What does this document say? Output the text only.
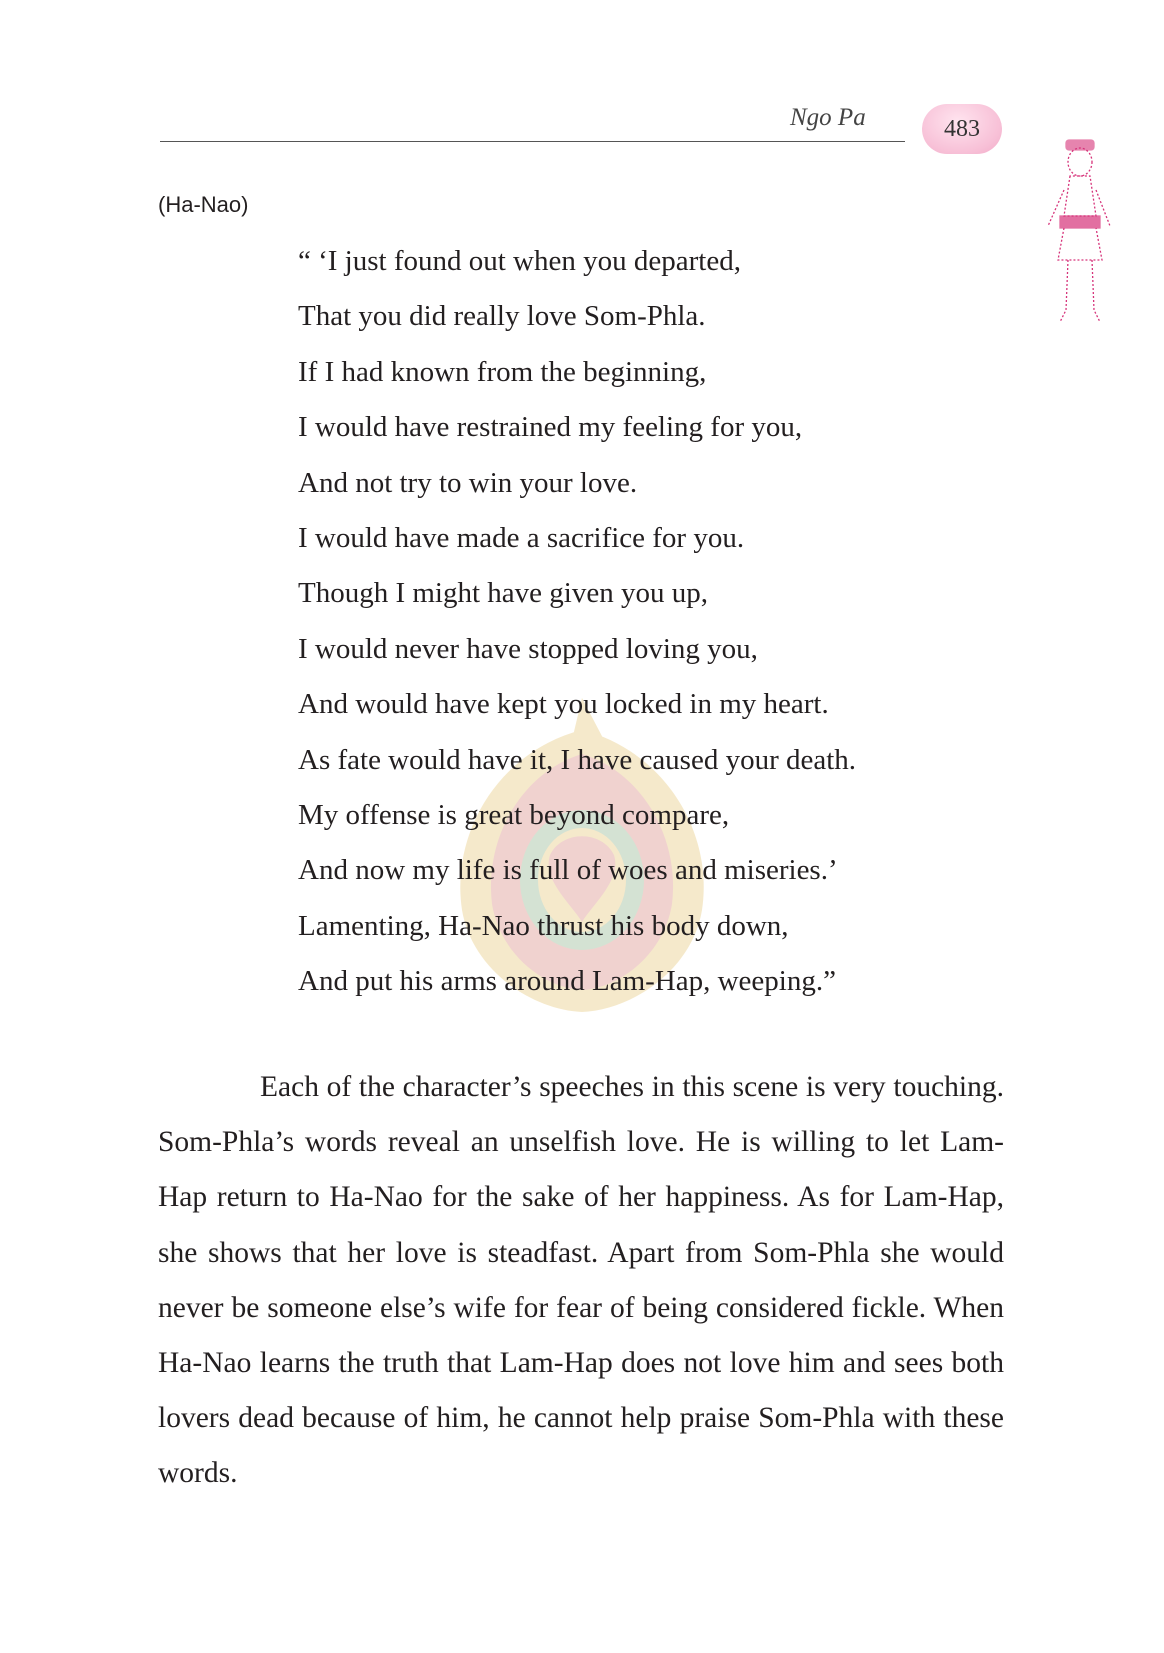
Ngo Pa	483
(Ha-Nao)
“ ‘I just found out when you departed,
That you did really love Som-Phla.
If I had known from the beginning,
I would have restrained my feeling for you,
And not try to win your love.
I would have made a sacrifice for you.
Though I might have given you up,
I would never have stopped loving you,
And would have kept you locked in my heart.
As fate would have it, I have caused your death.
My offense is great beyond compare,
And now my life is full of woes and miseries.’
Lamenting, Ha-Nao thrust his body down,
And put his arms around Lam-Hap, weeping.”

Each of the character’s speeches in this scene is very touching. Som-Phla’s words reveal an unselfish love. He is willing to let Lam-Hap return to Ha-Nao for the sake of her happiness. As for Lam-Hap, she shows that her love is steadfast. Apart from Som-Phla she would never be someone else’s wife for fear of being considered fickle. When Ha-Nao learns the truth that Lam-Hap does not love him and sees both lovers dead because of him, he cannot help praise Som-Phla with these words.
